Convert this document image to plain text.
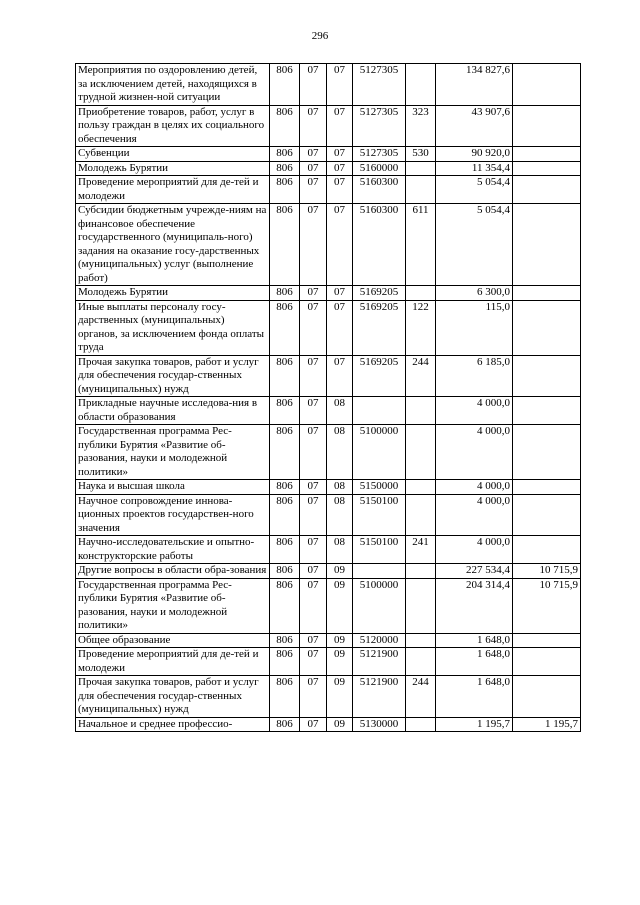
296
Мероприятия по оздоровлению детей, за исключением детей, находящихся в трудной жизнен-ной ситуации	806	07	07	5127305		134 827,6	
Приобретение товаров, работ, услуг в пользу граждан в целях их социального обеспечения	806	07	07	5127305	323	43 907,6	
Субвенции	806	07	07	5127305	530	90 920,0	
Молодежь Бурятии	806	07	07	5160000		11 354,4	
Проведение мероприятий для де-тей и молодежи	806	07	07	5160300		5 054,4	
Субсидии бюджетным учрежде-ниям на финансовое обеспечение государственного (муниципаль-ного) задания на оказание госу-дарственных (муниципальных) услуг (выполнение работ)	806	07	07	5160300	611	5 054,4	
Молодежь Бурятии	806	07	07	5169205		6 300,0	
Иные выплаты персоналу госу-дарственных (муниципальных) органов, за исключением фонда оплаты труда	806	07	07	5169205	122	115,0	
Прочая закупка товаров, работ и услуг для обеспечения государ-ственных (муниципальных) нужд	806	07	07	5169205	244	6 185,0	
Прикладные научные исследова-ния в области образования	806	07	08			4 000,0	
Государственная программа Рес-публики Бурятия «Развитие об-разования, науки и молодежной политики»	806	07	08	5100000		4 000,0	
Наука и высшая школа	806	07	08	5150000		4 000,0	
Научное сопровождение иннова-ционных проектов государствен-ного значения	806	07	08	5150100		4 000,0	
Научно-исследовательские и опытно-конструкторские работы	806	07	08	5150100	241	4 000,0	
Другие вопросы в области обра-зования	806	07	09			227 534,4	10 715,9
Государственная программа Рес-публики Бурятия «Развитие об-разования, науки и молодежной политики»	806	07	09	5100000		204 314,4	10 715,9
Общее образование	806	07	09	5120000		1 648,0	
Проведение мероприятий для де-тей и молодежи	806	07	09	5121900		1 648,0	
Прочая закупка товаров, работ и услуг для обеспечения государ-ственных (муниципальных) нужд	806	07	09	5121900	244	1 648,0	
Начальное и среднее профессио-	806	07	09	5130000		1 195,7	1 195,7
